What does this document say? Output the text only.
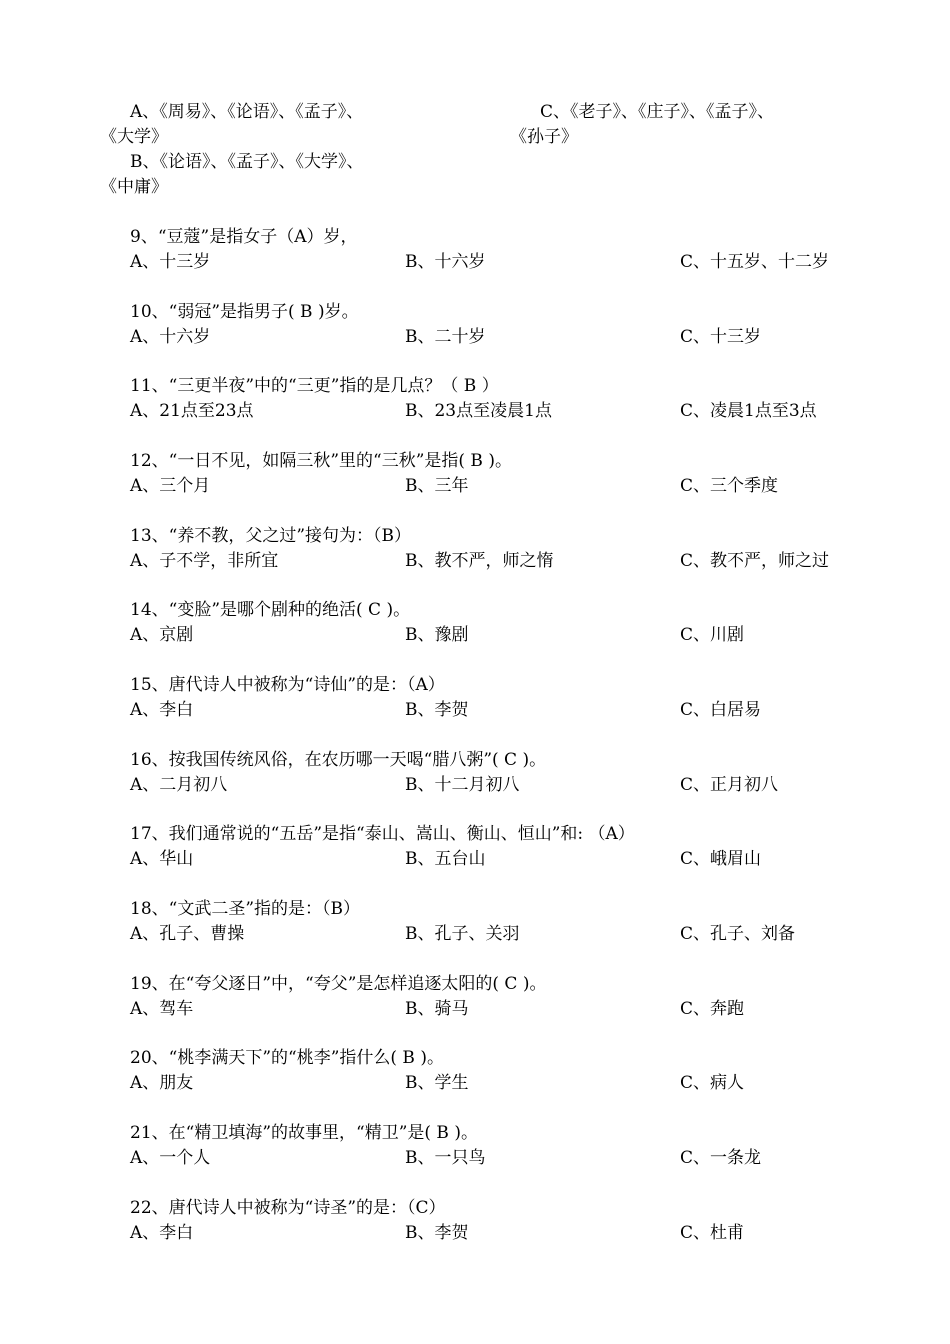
A、《周易》、《论语》、《孟子》、	C、《老子》、《庄子》、《孟子》、
《大学》	《孙子》
B、《论语》、《孟子》、《大学》、
《中庸》
9、“豆蔻”是指女子（A）岁，
A、十三岁	B、十六岁	C、十五岁、十二岁
10、“弱冠”是指男子( B )岁。
A、十六岁	B、二十岁	C、十三岁
11、“三更半夜”中的“三更”指的是几点？（ B ）
A、21点至23点	B、23点至凌晨1点	C、凌晨1点至3点
12、“一日不见，如隔三秋”里的“三秋”是指( B )。
A、三个月	B、三年	C、三个季度
13、“养不教，父之过”接句为：（B）
A、子不学，非所宜	B、教不严，师之惰	C、教不严，师之过
14、“变脸”是哪个剧种的绝活( C )。
A、京剧	B、豫剧	C、川剧
15、唐代诗人中被称为“诗仙”的是：（A）
A、李白	B、李贺	C、白居易
16、按我国传统风俗，在农历哪一天喝“腊八粥”( C )。
A、二月初八	B、十二月初八	C、正月初八
17、我们通常说的“五岳”是指“泰山、嵩山、衡山、恒山”和: （A）
A、华山	B、五台山	C、峨眉山
18、“文武二圣”指的是：（B）
A、孔子、曹操	B、孔子、关羽	C、孔子、刘备
19、在“夸父逐日”中，“夸父”是怎样追逐太阳的( C )。
A、驾车	B、骑马	C、奔跑
20、“桃李满天下”的“桃李”指什么( B )。
A、朋友	B、学生	C、病人
21、在“精卫填海”的故事里，“精卫”是( B )。
A、一个人	B、一只鸟	C、一条龙
22、唐代诗人中被称为“诗圣”的是：（C）
A、李白	B、李贺	C、杜甫
